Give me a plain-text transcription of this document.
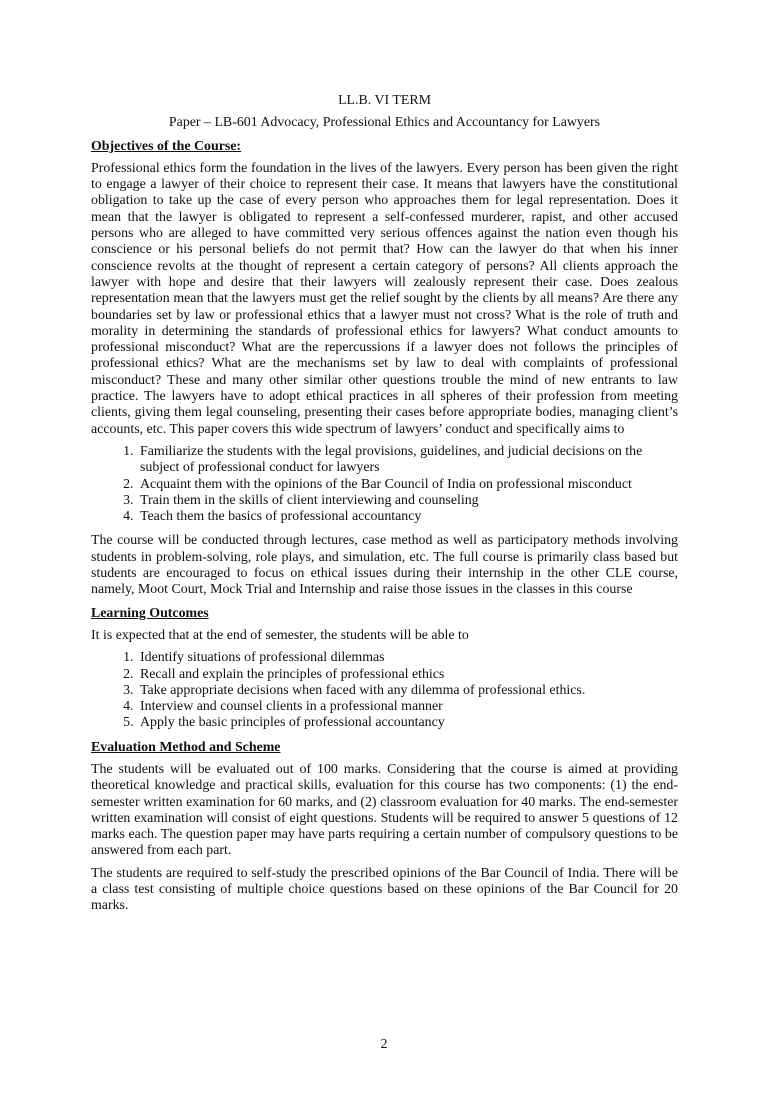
LL.B. VI TERM
Paper – LB-601 Advocacy, Professional Ethics and Accountancy for Lawyers
Objectives of the Course:

Professional ethics form the foundation in the lives of the lawyers. Every person has been given the right to engage a lawyer of their choice to represent their case. It means that lawyers have the constitutional obligation to take up the case of every person who approaches them for legal representation. Does it mean that the lawyer is obligated to represent a self-confessed murderer, rapist, and other accused persons who are alleged to have committed very serious offences against the nation even though his conscience or his personal beliefs do not permit that? How can the lawyer do that when his inner conscience revolts at the thought of represent a certain category of persons? All clients approach the lawyer with hope and desire that their lawyers will zealously represent their case. Does zealous representation mean that the lawyers must get the relief sought by the clients by all means? Are there any boundaries set by law or professional ethics that a lawyer must not cross? What is the role of truth and morality in determining the standards of professional ethics for lawyers? What conduct amounts to professional misconduct? What are the repercussions if a lawyer does not follows the principles of professional ethics? What are the mechanisms set by law to deal with complaints of professional misconduct? These and many other similar other questions trouble the mind of new entrants to law practice. The lawyers have to adopt ethical practices in all spheres of their profession from meeting clients, giving them legal counseling, presenting their cases before appropriate bodies, managing client’s accounts, etc. This paper covers this wide spectrum of lawyers’ conduct and specifically aims to

1. Familiarize the students with the legal provisions, guidelines, and judicial decisions on the subject of professional conduct for lawyers
2. Acquaint them with the opinions of the Bar Council of India on professional misconduct
3. Train them in the skills of client interviewing and counseling
4. Teach them the basics of professional accountancy

The course will be conducted through lectures, case method as well as participatory methods involving students in problem-solving, role plays, and simulation, etc. The full course is primarily class based but students are encouraged to focus on ethical issues during their internship in the other CLE course, namely, Moot Court, Mock Trial and Internship and raise those issues in the classes in this course

Learning Outcomes

It is expected that at the end of semester, the students will be able to

1. Identify situations of professional dilemmas
2. Recall and explain the principles of professional ethics
3. Take appropriate decisions when faced with any dilemma of professional ethics.
4. Interview and counsel clients in a professional manner
5. Apply the basic principles of professional accountancy
Evaluation Method and Scheme

The students will be evaluated out of 100 marks. Considering that the course is aimed at providing theoretical knowledge and practical skills, evaluation for this course has two components: (1) the end-semester written examination for 60 marks, and (2) classroom evaluation for 40 marks. The end-semester written examination will consist of eight questions. Students will be required to answer 5 questions of 12 marks each. The question paper may have parts requiring a certain number of compulsory questions to be answered from each part.

The students are required to self-study the prescribed opinions of the Bar Council of India. There will be a class test consisting of multiple choice questions based on these opinions of the Bar Council for 20 marks.

2
